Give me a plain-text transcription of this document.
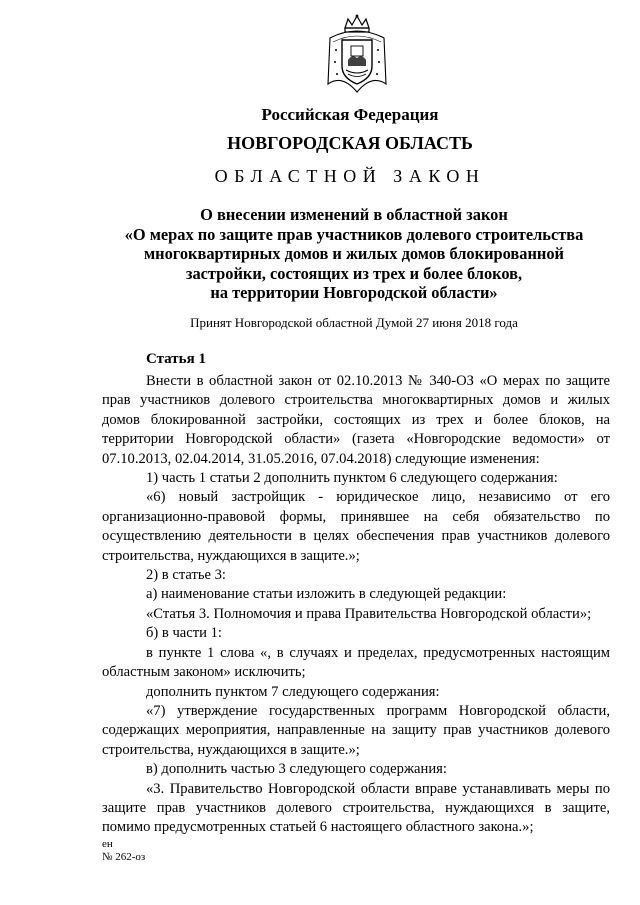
Российская Федерация
НОВГОРОДСКАЯ ОБЛАСТЬ
ОБЛАСТНОЙ ЗАКОН
О внесении изменений в областной закон
«О мерах по защите прав участников долевого строительства
многоквартирных домов и жилых домов блокированной
застройки, состоящих из трех и более блоков,
на территории Новгородской области»
Принят Новгородской областной Думой 27 июня 2018 года
Статья 1

Внести в областной закон от 02.10.2013 № 340-ОЗ «О мерах по защите прав участников долевого строительства многоквартирных домов и жилых домов блокированной застройки, состоящих из трех и более блоков, на территории Новгородской области» (газета «Новгородские ведомости» от 07.10.2013, 02.04.2014, 31.05.2016, 07.04.2018) следующие изменения:

1) часть 1 статьи 2 дополнить пунктом 6 следующего содержания:

«6) новый застройщик - юридическое лицо, независимо от его организационно-правовой формы, принявшее на себя обязательство по осуществлению деятельности в целях обеспечения прав участников долевого строительства, нуждающихся в защите.»;

2) в статье 3:

а) наименование статьи изложить в следующей редакции:

«Статья 3. Полномочия и права Правительства Новгородской области»;

б) в части 1:

в пункте 1 слова «, в случаях и пределах, предусмотренных настоящим областным законом» исключить;

дополнить пунктом 7 следующего содержания:

«7) утверждение государственных программ Новгородской области, содержащих мероприятия, направленные на защиту прав участников долевого строительства, нуждающихся в защите.»;

в) дополнить частью 3 следующего содержания:

«3. Правительство Новгородской области вправе устанавливать меры по защите прав участников долевого строительства, нуждающихся в защите, помимо предусмотренных статьей 6 настоящего областного закона.»;

ен
№ 262-оз
